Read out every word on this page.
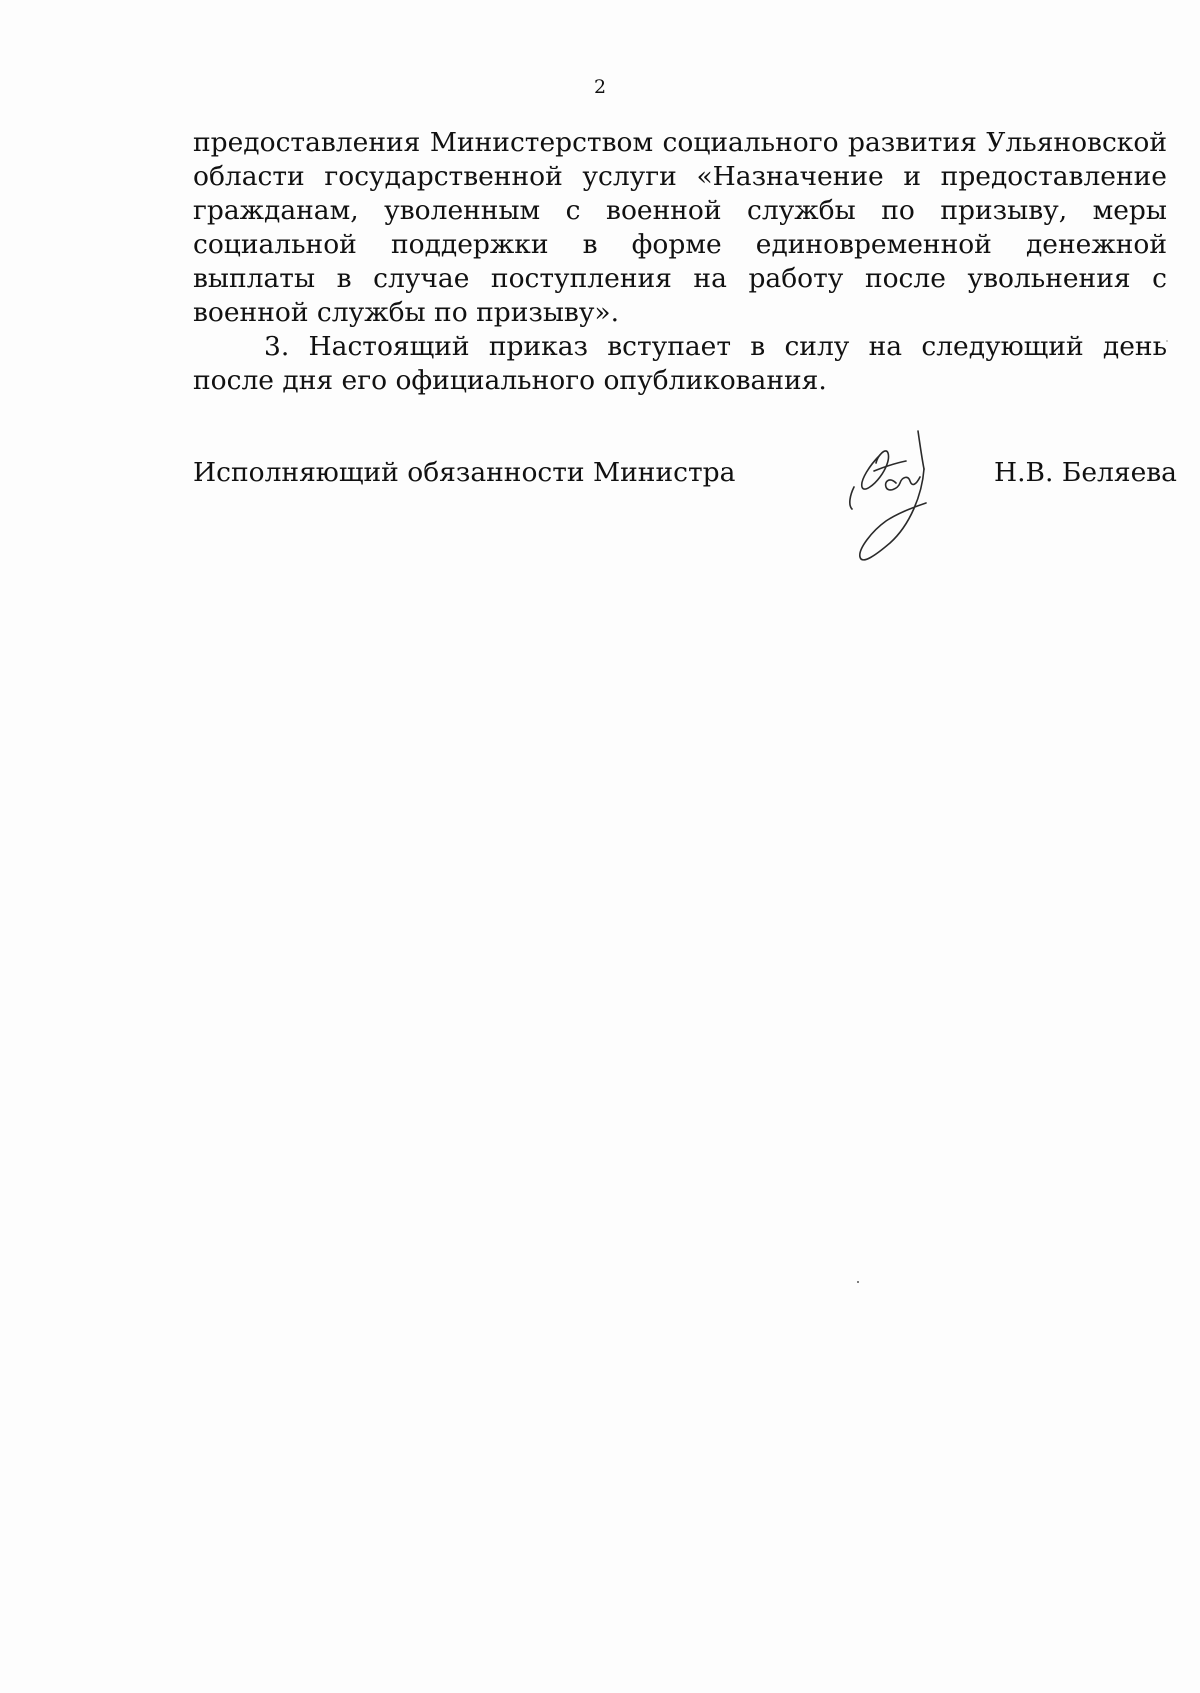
2

предоставления Министерством социального развития Ульяновской области государственной услуги «Назначение и предоставление гражданам, уволенным с военной службы по призыву, меры социальной поддержки в форме единовременной денежной выплаты в случае поступления на работу после увольнения с военной службы по призыву».

3. Настоящий приказ вступает в силу на следующий день после дня его официального опубликования.

Исполняющий обязанности Министра	Н.В. Беляева
